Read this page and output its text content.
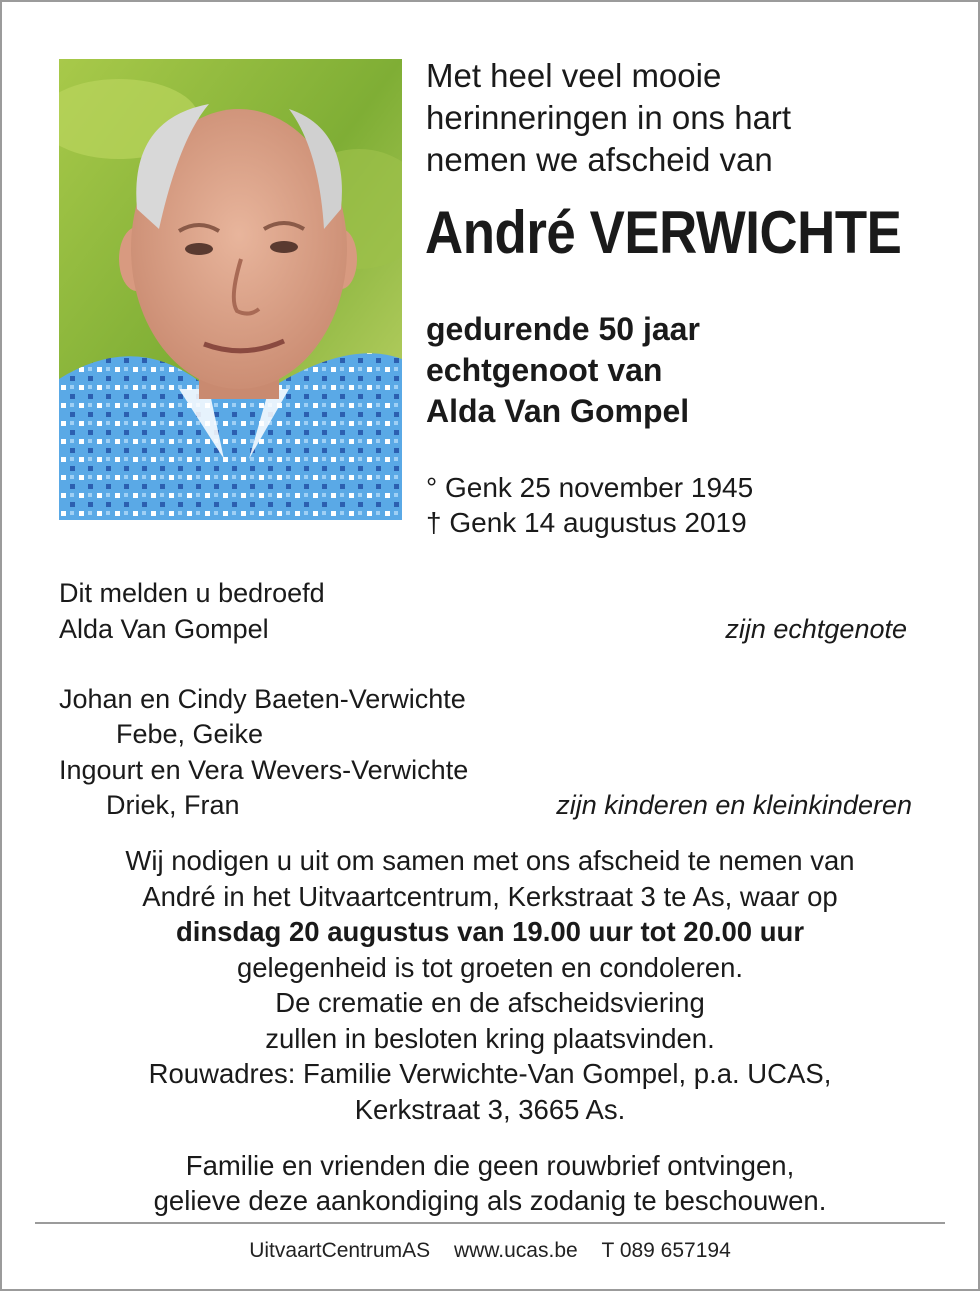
Met heel veel mooie
herinneringen in ons hart
nemen we afscheid van
André VERWICHTE
gedurende 50 jaar
echtgenoot van
Alda Van Gompel
° Genk 25 november 1945
† Genk 14 augustus 2019
Dit melden u bedroefd
Alda Van Gompel	zijn echtgenote
Johan en Cindy Baeten-Verwichte
Febe, Geike
Ingourt en Vera Wevers-Verwichte
Driek, Fran	zijn kinderen en kleinkinderen
Wij nodigen u uit om samen met ons afscheid te nemen van
André in het Uitvaartcentrum, Kerkstraat 3 te As, waar op
dinsdag 20 augustus van 19.00 uur tot 20.00 uur
gelegenheid is tot groeten en condoleren.
De crematie en de afscheidsviering
zullen in besloten kring plaatsvinden.
Rouwadres: Familie Verwichte-Van Gompel, p.a. UCAS,
Kerkstraat 3, 3665 As.
Familie en vrienden die geen rouwbrief ontvingen,
gelieve deze aankondiging als zodanig te beschouwen.
UitvaartCentrumAS www.ucas.be T 089 657194
